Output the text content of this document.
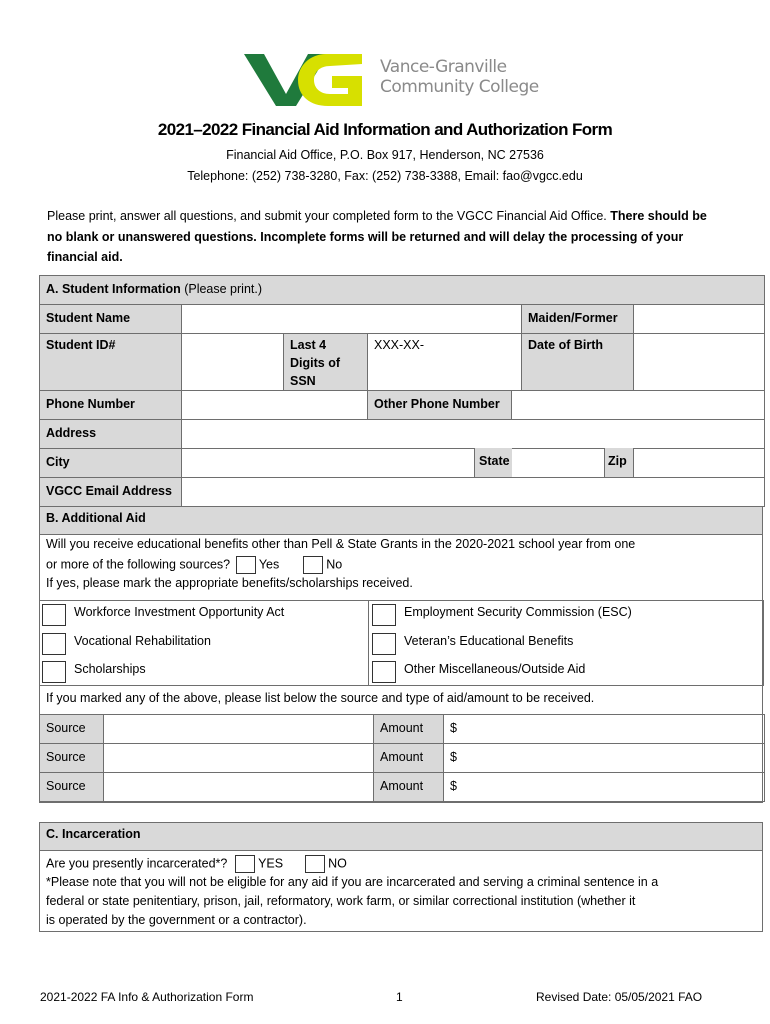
Vance-Granville
Community College
2021–2022 Financial Aid Information and Authorization Form
Financial Aid Office, P.O. Box 917, Henderson, NC 27536
Telephone: (252) 738-3280, Fax: (252) 738-3388, Email: fao@vgcc.edu
Please print, answer all questions, and submit your completed form to the VGCC Financial Aid Office. There should be no blank or unanswered questions. Incomplete forms will be returned and will delay the processing of your financial aid.
A. Student Information (Please print.)						
Student Name					Maiden/Former	
Student ID#		Last 4 Digits of SSN	XXX-XX-		Date of Birth	
Phone Number			Other Phone Number			
Address						
City	State			Zip		

VGCC Email Address						
B. Additional Aid
Will you receive educational benefits other than Pell & State Grants in the 2020-2021 school year from one
or more of the following sources? Yes	No
If yes, please mark the appropriate benefits/scholarships received.
Workforce Investment Opportunity Act	Employment Security Commission (ESC)
Vocational Rehabilitation	Veteran’s Educational Benefits
Scholarships	Other Miscellaneous/Outside Aid
If you marked any of the above, please list below the source and type of aid/amount to be received.
Source		Amount	$
Source		Amount	$
Source		Amount	$
C. Incarceration
Are you presently incarcerated*? YES	NO
*Please note that you will not be eligible for any aid if you are incarcerated and serving a criminal sentence in a
federal or state penitentiary, prison, jail, reformatory, work farm, or similar correctional institution (whether it
is operated by the government or a contractor).
2021-2022 FA Info & Authorization Form	1	Revised Date: 05/05/2021 FAO
